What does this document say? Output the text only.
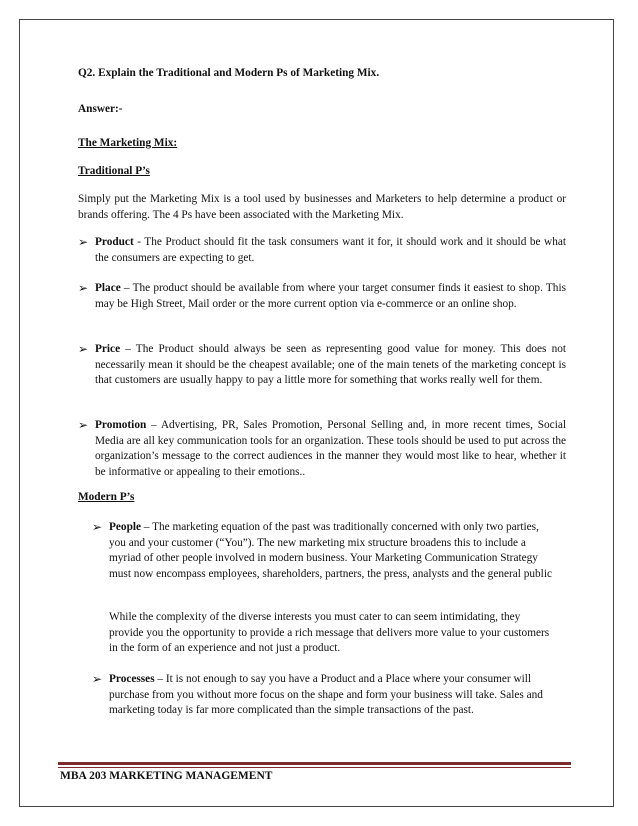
Q2. Explain the Traditional and Modern Ps of Marketing Mix.
Answer:-
The Marketing Mix:
Traditional P’s
Simply put the Marketing Mix is a tool used by businesses and Marketers to help determine a product or brands offering. The 4 Ps have been associated with the Marketing Mix.
➢ Product - The Product should fit the task consumers want it for, it should work and it should be what the consumers are expecting to get.
➢ Place – The product should be available from where your target consumer finds it easiest to shop. This may be High Street, Mail order or the more current option via e-commerce or an online shop.
➢ Price – The Product should always be seen as representing good value for money. This does not necessarily mean it should be the cheapest available; one of the main tenets of the marketing concept is that customers are usually happy to pay a little more for something that works really well for them.
➢ Promotion – Advertising, PR, Sales Promotion, Personal Selling and, in more recent times, Social Media are all key communication tools for an organization. These tools should be used to put across the organization’s message to the correct audiences in the manner they would most like to hear, whether it be informative or appealing to their emotions..
Modern P’s
➢ People – The marketing equation of the past was traditionally concerned with only two parties, you and your customer (“You”). The new marketing mix structure broadens this to include a myriad of other people involved in modern business. Your Marketing Communication Strategy must now encompass employees, shareholders, partners, the press, analysts and the general public
While the complexity of the diverse interests you must cater to can seem intimidating, they provide you the opportunity to provide a rich message that delivers more value to your customers in the form of an experience and not just a product.
➢ Processes – It is not enough to say you have a Product and a Place where your consumer will purchase from you without more focus on the shape and form your business will take. Sales and marketing today is far more complicated than the simple transactions of the past.
MBA 203 MARKETING MANAGEMENT
